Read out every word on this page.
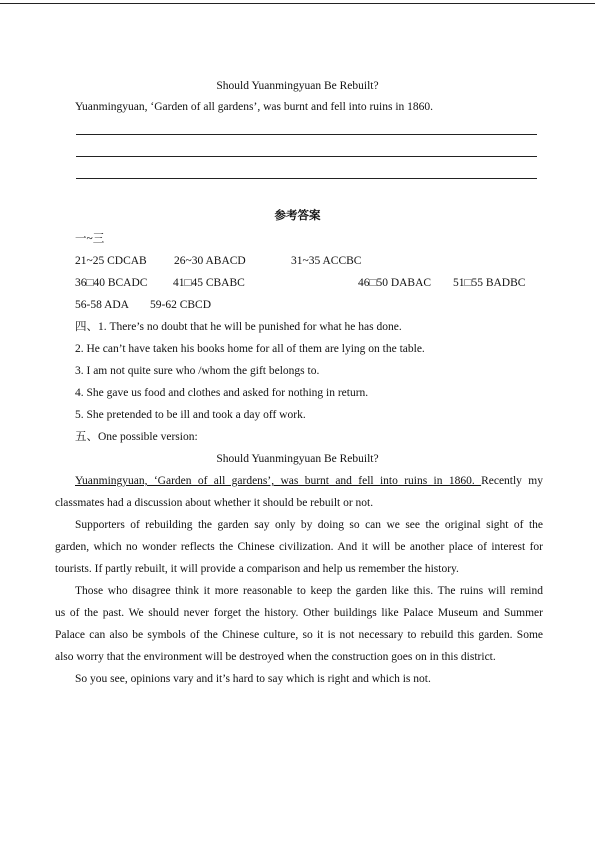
Should Yuanmingyuan Be Rebuilt?
Yuanmingyuan, ‘Garden of all gardens’, was burnt and fell into ruins in 1860.
参考答案
一~三
21~25 CDCAB 26~30 ABACD	31~35 ACCBC
36□40 BCADC 41□45 CBABC	46□50 DABAC 51□55 BADBC
56-58 ADA 59-62 CBCD
四、1. There’s no doubt that he will be punished for what he has done.
2. He can’t have taken his books home for all of them are lying on the table.
3. I am not quite sure who /whom the gift belongs to.
4. She gave us food and clothes and asked for nothing in return.
5. She pretended to be ill and took a day off work.
五、One possible version:
Should Yuanmingyuan Be Rebuilt?
Yuanmingyuan, ‘Garden of all gardens’, was burnt and fell into ruins in 1860. Recently my
classmates had a discussion about whether it should be rebuilt or not.
Supporters of rebuilding the garden say only by doing so can we see the original sight of the
garden, which no wonder reflects the Chinese civilization. And it will be another place of interest for
tourists. If partly rebuilt, it will provide a comparison and help us remember the history.
Those who disagree think it more reasonable to keep the garden like this. The ruins will remind
us of the past. We should never forget the history. Other buildings like Palace Museum and Summer
Palace can also be symbols of the Chinese culture, so it is not necessary to rebuild this garden. Some
also worry that the environment will be destroyed when the construction goes on in this district.
So you see, opinions vary and it’s hard to say which is right and which is not.
